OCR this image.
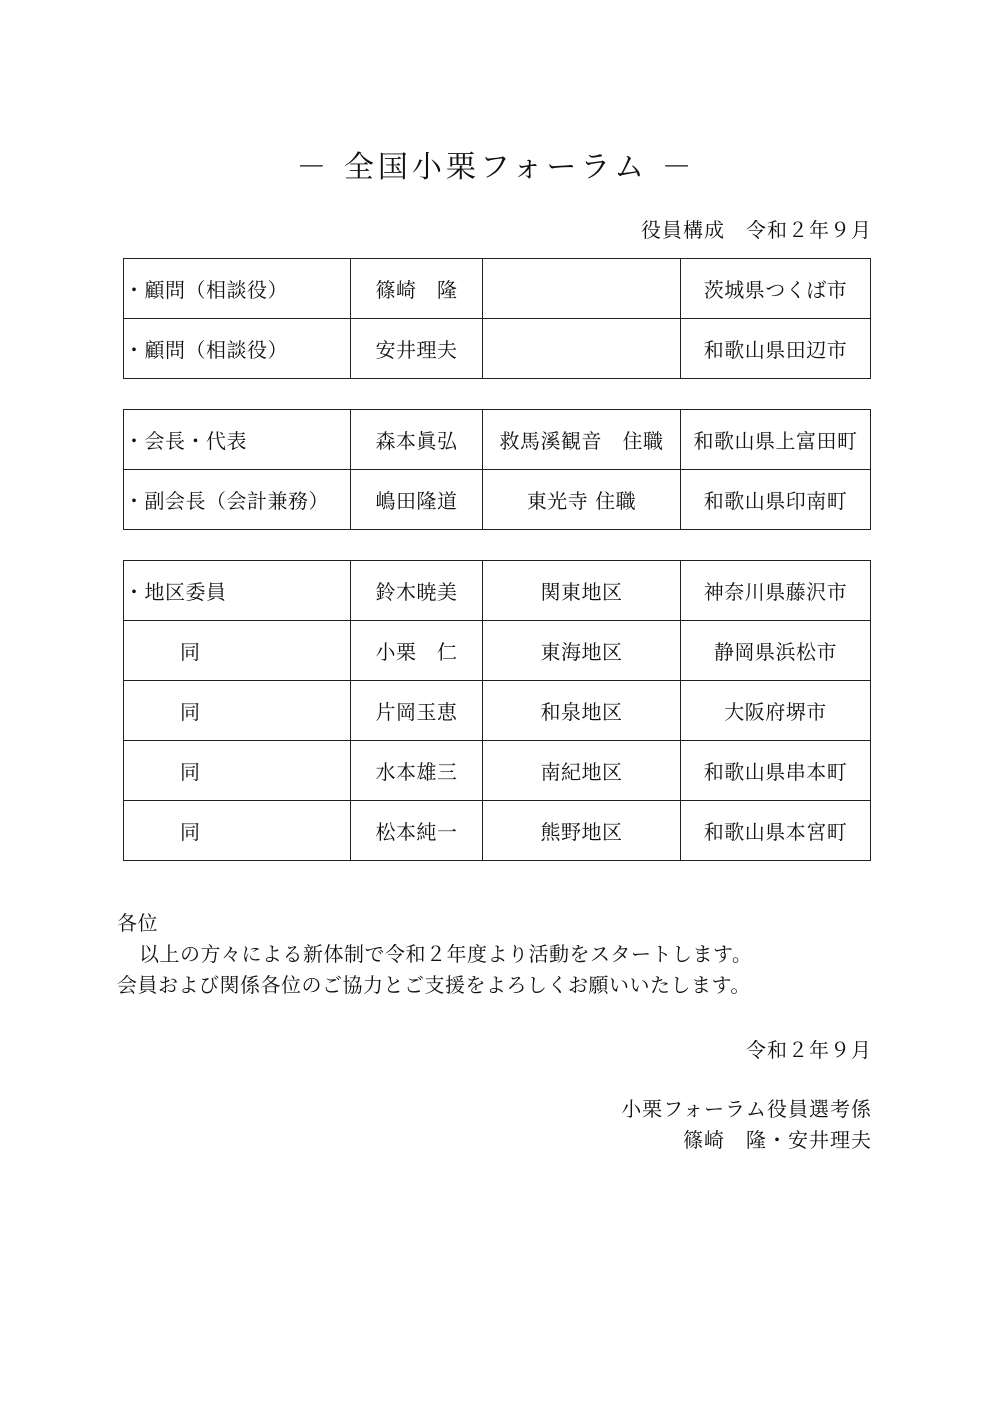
－ 全国小栗フォーラム －
役員構成　令和２年９月
・顧問（相談役）	篠崎　隆		茨城県つくば市
・顧問（相談役）	安井理夫		和歌山県田辺市
・会長・代表	森本眞弘	救馬溪観音　住職	和歌山県上富田町
・副会長（会計兼務）	嶋田隆道	東光寺 住職	和歌山県印南町
・地区委員	鈴木暁美	関東地区	神奈川県藤沢市
同	小栗　仁	東海地区	静岡県浜松市
同	片岡玉恵	和泉地区	大阪府堺市
同	水本雄三	南紀地区	和歌山県串本町
同	松本純一	熊野地区	和歌山県本宮町
各位
以上の方々による新体制で令和２年度より活動をスタートします。
会員および関係各位のご協力とご支援をよろしくお願いいたします。
令和２年９月
小栗フォーラム役員選考係
篠崎　隆・安井理夫
